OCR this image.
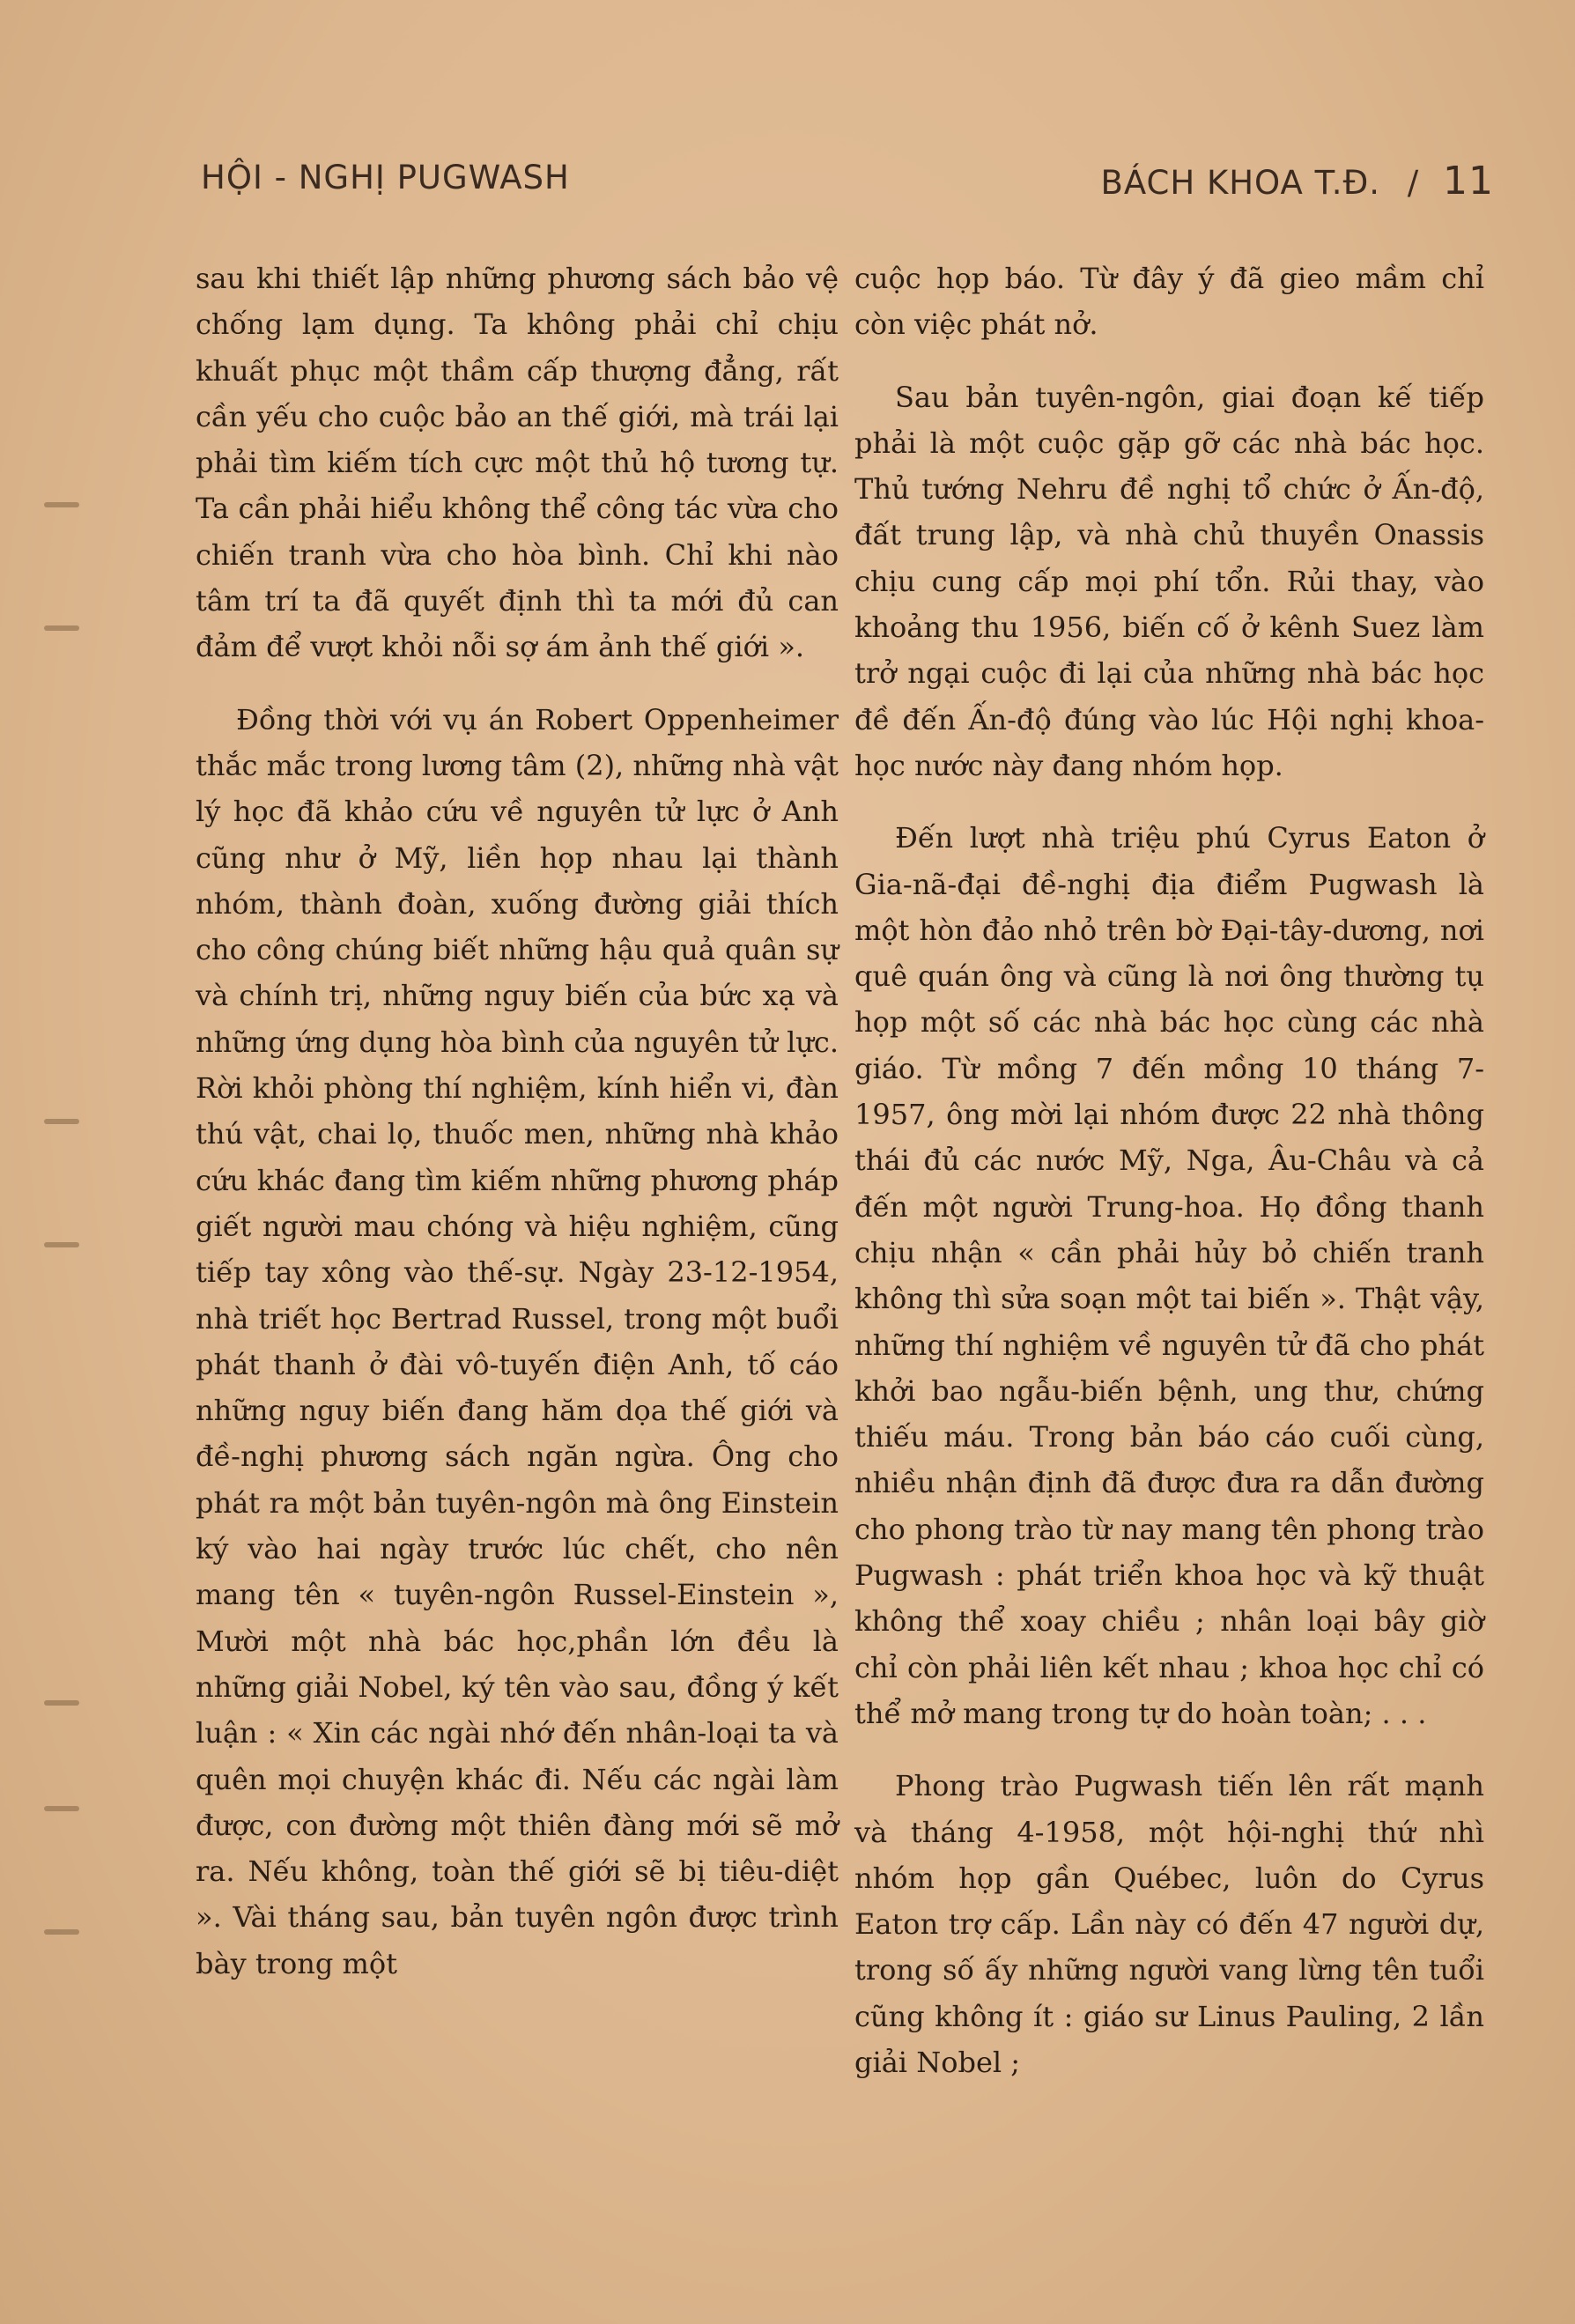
HỘI - NGHỊ PUGWASH	BÁCH KHOA T.Đ. / 11

sau khi thiết lập những phương sách bảo vệ chống lạm dụng. Ta không phải chỉ chịu khuất phục một thầm cấp thượng đẳng, rất cần yếu cho cuộc bảo an thế giới, mà trái lại phải tìm kiếm tích cực một thủ hộ tương tự. Ta cần phải hiểu không thể công tác vừa cho chiến tranh vừa cho hòa bình. Chỉ khi nào tâm trí ta đã quyết định thì ta mới đủ can đảm để vượt khỏi nỗi sợ ám ảnh thế giới ».

Đồng thời với vụ án Robert Oppenheimer thắc mắc trong lương tâm (2), những nhà vật lý học đã khảo cứu về nguyên tử lực ở Anh cũng như ở Mỹ, liền họp nhau lại thành nhóm, thành đoàn, xuống đường giải thích cho công chúng biết những hậu quả quân sự và chính trị, những nguy biến của bức xạ và những ứng dụng hòa bình của nguyên tử lực. Rời khỏi phòng thí nghiệm, kính hiển vi, đàn thú vật, chai lọ, thuốc men, những nhà khảo cứu khác đang tìm kiếm những phương pháp giết người mau chóng và hiệu nghiệm, cũng tiếp tay xông vào thế-sự. Ngày 23-12-1954, nhà triết học Bertrad Russel, trong một buổi phát thanh ở đài vô-tuyến điện Anh, tố cáo những nguy biến đang hăm dọa thế giới và đề-nghị phương sách ngăn ngừa. Ông cho phát ra một bản tuyên-ngôn mà ông Einstein ký vào hai ngày trước lúc chết, cho nên mang tên « tuyên-ngôn Russel-Einstein », Mười một nhà bác học,phần lớn đều là những giải Nobel, ký tên vào sau, đồng ý kết luận : « Xin các ngài nhớ đến nhân-loại ta và quên mọi chuyện khác đi. Nếu các ngài làm được, con đường một thiên đàng mới sẽ mở ra. Nếu không, toàn thế giới sẽ bị tiêu-diệt ». Vài tháng sau, bản tuyên ngôn được trình bày trong một

cuộc họp báo. Từ đây ý đã gieo mầm chỉ còn việc phát nở.

Sau bản tuyên-ngôn, giai đoạn kế tiếp phải là một cuộc gặp gỡ các nhà bác học. Thủ tướng Nehru đề nghị tổ chức ở Ấn-độ, đất trung lập, và nhà chủ thuyền Onassis chịu cung cấp mọi phí tổn. Rủi thay, vào khoảng thu 1956, biến cố ở kênh Suez làm trở ngại cuộc đi lại của những nhà bác học đề đến Ấn-độ đúng vào lúc Hội nghị khoa-học nước này đang nhóm họp.

Đến lượt nhà triệu phú Cyrus Eaton ở Gia-nã-đại đề-nghị địa điểm Pugwash là một hòn đảo nhỏ trên bờ Đại-tây-dương, nơi quê quán ông và cũng là nơi ông thường tụ họp một số các nhà bác học cùng các nhà giáo. Từ mồng 7 đến mồng 10 tháng 7-1957, ông mời lại nhóm được 22 nhà thông thái đủ các nước Mỹ, Nga, Âu-Châu và cả đến một người Trung-hoa. Họ đồng thanh chịu nhận « cần phải hủy bỏ chiến tranh không thì sửa soạn một tai biến ». Thật vậy, những thí nghiệm về nguyên tử đã cho phát khởi bao ngẫu-biến bệnh, ung thư, chứng thiếu máu. Trong bản báo cáo cuối cùng, nhiều nhận định đã được đưa ra dẫn đường cho phong trào từ nay mang tên phong trào Pugwash : phát triển khoa học và kỹ thuật không thể xoay chiều ; nhân loại bây giờ chỉ còn phải liên kết nhau ; khoa học chỉ có thể mở mang trong tự do hoàn toàn; . . .

Phong trào Pugwash tiến lên rất mạnh và tháng 4-1958, một hội-nghị thứ nhì nhóm họp gần Québec, luôn do Cyrus Eaton trợ cấp. Lần này có đến 47 người dự, trong số ấy những người vang lừng tên tuổi cũng không ít : giáo sư Linus Pauling, 2 lần giải Nobel ;
